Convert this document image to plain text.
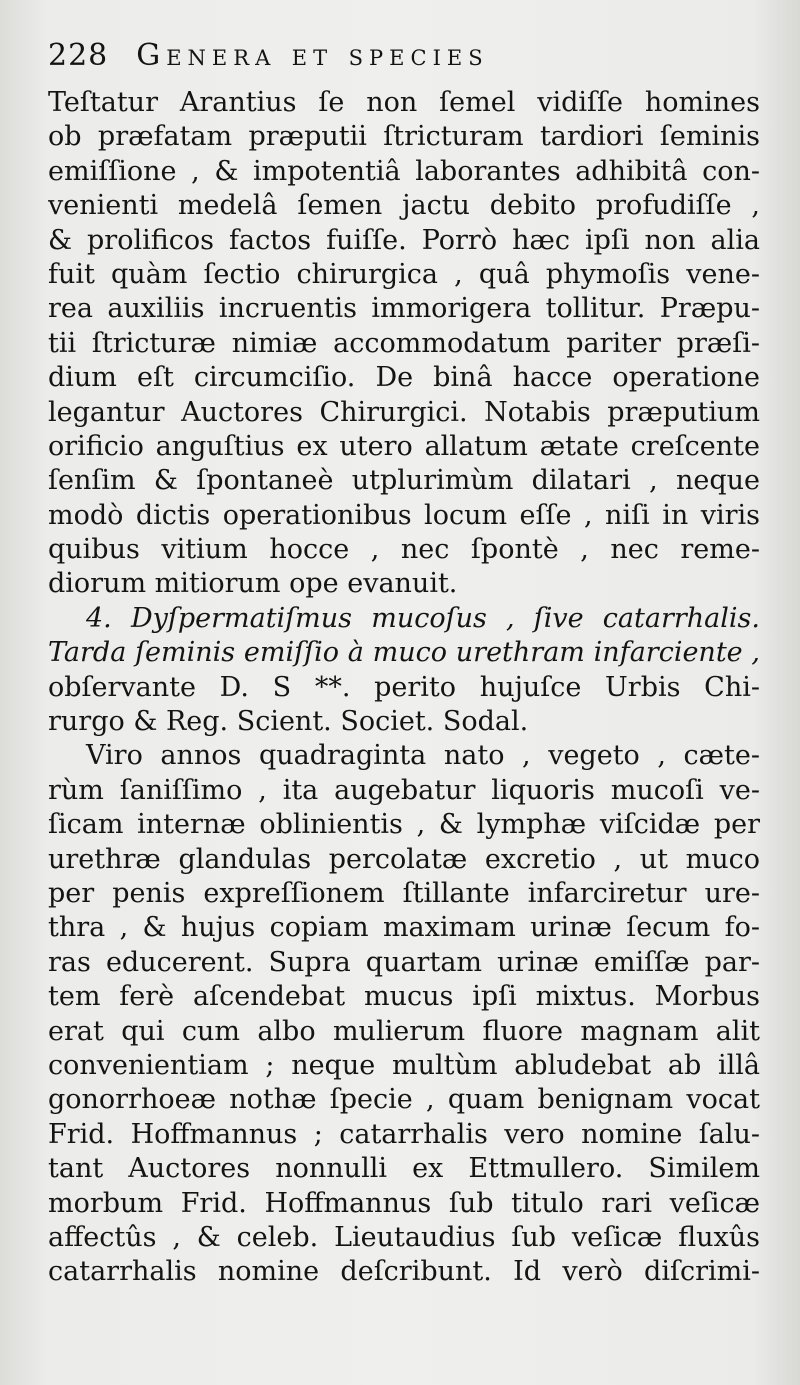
228 Genera et species
Teſtatur Arantius ſe non ſemel vidiſſe homines
ob præfatam præputii ſtricturam tardiori ſeminis
emiſſione , & impotentiâ laborantes adhibitâ con-
venienti medelâ ſemen jactu debito profudiſſe ,
& prolificos factos fuiſſe. Porrò hæc ipſi non alia
fuit quàm ſectio chirurgica , quâ phymoſis vene-
rea auxiliis incruentis immorigera tollitur. Præpu-
tii ſtricturæ nimiæ accommodatum pariter præſi-
dium eſt circumciſio. De binâ hacce operatione
legantur Auctores Chirurgici. Notabis præputium
orificio anguſtius ex utero allatum ætate creſcente
ſenſim & ſpontaneè utplurimùm dilatari , neque
modò dictis operationibus locum eſſe , niſi in viris
quibus vitium hocce , nec ſpontè , nec reme-
diorum mitiorum ope evanuit.
4. Dyſpermatiſmus mucoſus , ſive catarrhalis.
Tarda ſeminis emiſſio à muco urethram infarciente ,
obſervante D. S **. perito hujuſce Urbis Chi-
rurgo & Reg. Scient. Societ. Sodal.
Viro annos quadraginta nato , vegeto , cæte-
rùm ſaniſſimo , ita augebatur liquoris mucoſi ve-
ſicam internæ oblinientis , & lymphæ viſcidæ per
urethræ glandulas percolatæ excretio , ut muco
per penis expreſſionem ſtillante infarciretur ure-
thra , & hujus copiam maximam urinæ ſecum fo-
ras educerent. Supra quartam urinæ emiſſæ par-
tem ferè aſcendebat mucus ipſi mixtus. Morbus
erat qui cum albo mulierum fluore magnam alit
convenientiam ; neque multùm abludebat ab illâ
gonorrhoeæ nothæ ſpecie , quam benignam vocat
Frid. Hoffmannus ; catarrhalis vero nomine ſalu-
tant Auctores nonnulli ex Ettmullero. Similem
morbum Frid. Hoffmannus ſub titulo rari veſicæ
affectûs , & celeb. Lieutaudius ſub veſicæ fluxûs
catarrhalis nomine deſcribunt. Id verò diſcrimi-
